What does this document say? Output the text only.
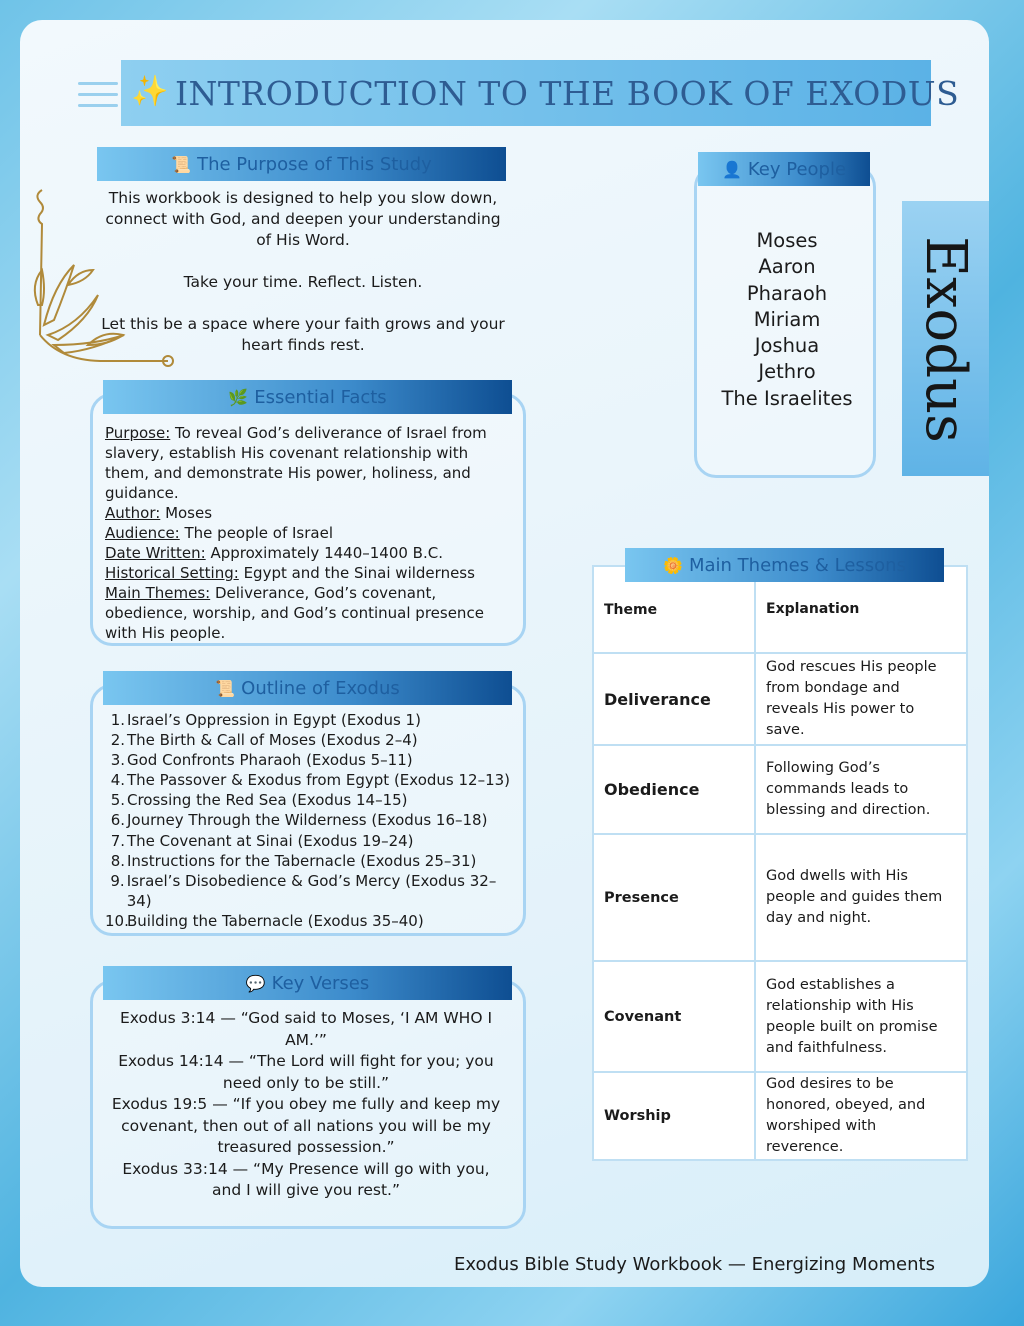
✨ INTRODUCTION TO THE BOOK OF EXODUS
📜 The Purpose of This Study

This workbook is designed to help you slow down, connect with God, and deepen your understanding of His Word.

Take your time. Reflect. Listen.

Let this be a space where your faith grows and your heart finds rest.

🌿 Essential Facts
Purpose: To reveal God’s deliverance of Israel from slavery, establish His covenant relationship with them, and demonstrate His power, holiness, and guidance.
Author: Moses
Audience: The people of Israel
Date Written: Approximately 1440–1400 B.C.
Historical Setting: Egypt and the Sinai wilderness
Main Themes: Deliverance, God’s covenant, obedience, worship, and God’s continual presence with His people.
📜 Outline of Exodus
1. Israel’s Oppression in Egypt (Exodus 1)
2. The Birth & Call of Moses (Exodus 2–4)
3. God Confronts Pharaoh (Exodus 5–11)
4. The Passover & Exodus from Egypt (Exodus 12–13)
5. Crossing the Red Sea (Exodus 14–15)
6. Journey Through the Wilderness (Exodus 16–18)
7. The Covenant at Sinai (Exodus 19–24)
8. Instructions for the Tabernacle (Exodus 25–31)
9. Israel’s Disobedience & God’s Mercy (Exodus 32–34)
10.
Building the Tabernacle (Exodus 35–40)
💬 Key Verses

Exodus 3:14 — “God said to Moses, ‘I AM WHO I AM.’”

Exodus 14:14 — “The Lord will fight for you; you need only to be still.”

Exodus 19:5 — “If you obey me fully and keep my covenant, then out of all nations you will be my treasured possession.”

Exodus 33:14 — “My Presence will go with you, and I will give you rest.”

👤 Key People
Moses
Aaron
Pharaoh
Miriam
Joshua
Jethro
The Israelites	Exodus
Theme	Explanation
Deliverance	God rescues His people from bondage and reveals His power to save.
Obedience	Following God’s commands leads to blessing and direction.
Presence	God dwells with His people and guides them day and night.
Covenant	God establishes a relationship with His people built on promise and faithfulness.
Worship	God desires to be honored, obeyed, and worshiped with reverence.
🌼 Main Themes & Lessons
Exodus Bible Study Workbook — Energizing Moments
